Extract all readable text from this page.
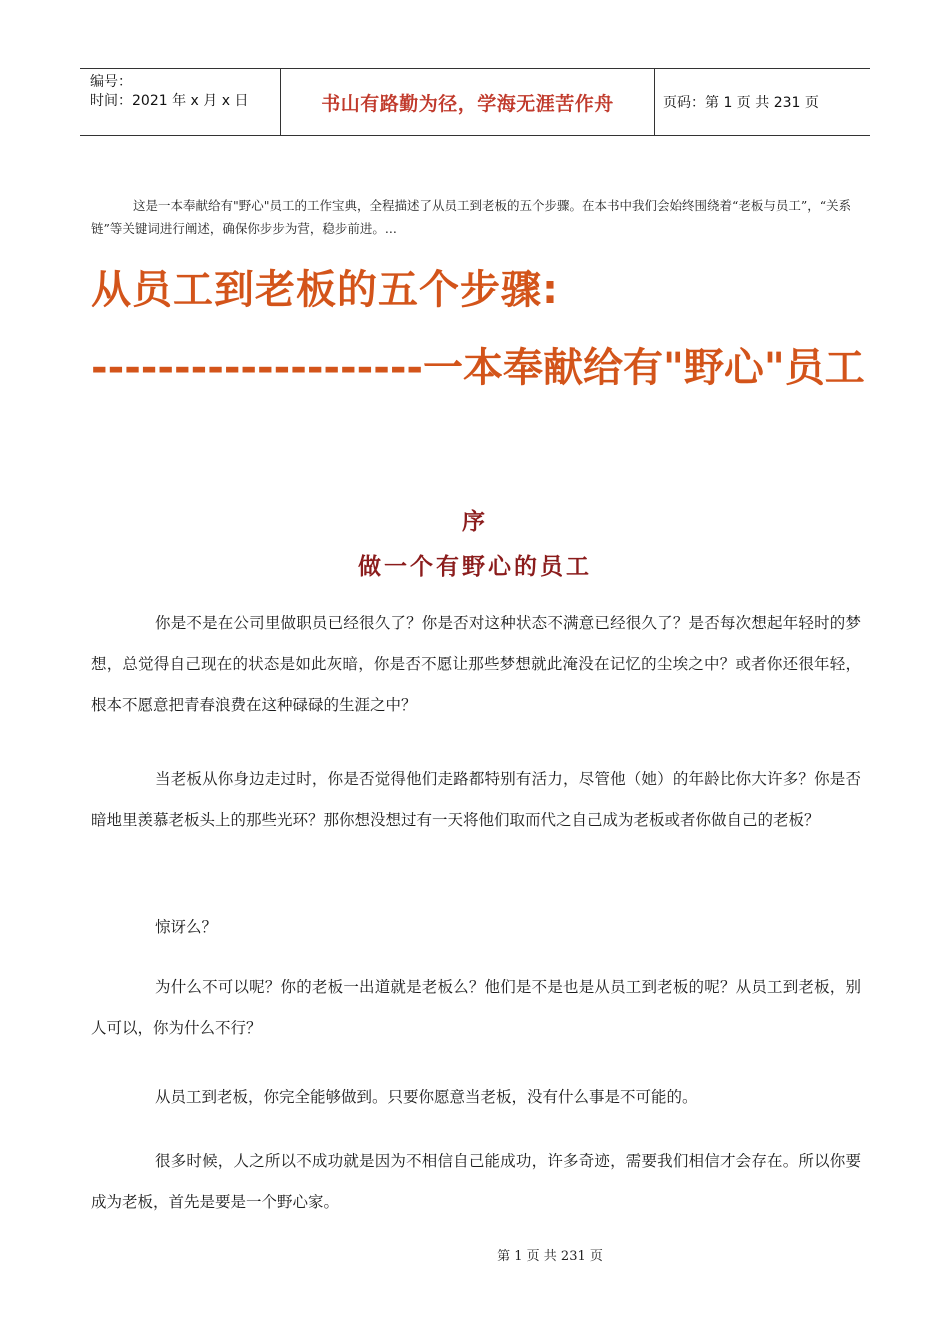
编号：
时间：2021 年 x 月 x 日	书山有路勤为径，学海无涯苦作舟	页码：第 1 页 共 231 页
这是一本奉献给有"野心"员工的工作宝典，全程描述了从员工到老板的五个步骤。在本书中我们会始终围绕着“老板与员工”，“关系链”等关键词进行阐述，确保你步步为营，稳步前进。...
从员工到老板的五个步骤:
--------------------一本奉献给有"野心"员工
序
做一个有野心的员工
你是不是在公司里做职员已经很久了？你是否对这种状态不满意已经很久了？是否每次想起年轻时的梦想，总觉得自己现在的状态是如此灰暗，你是否不愿让那些梦想就此淹没在记忆的尘埃之中？或者你还很年轻，根本不愿意把青春浪费在这种碌碌的生涯之中？
当老板从你身边走过时，你是否觉得他们走路都特别有活力，尽管他（她）的年龄比你大许多？你是否暗地里羡慕老板头上的那些光环？那你想没想过有一天将他们取而代之自己成为老板或者你做自己的老板？
惊讶么？
为什么不可以呢？你的老板一出道就是老板么？他们是不是也是从员工到老板的呢？从员工到老板，别人可以，你为什么不行？
从员工到老板，你完全能够做到。只要你愿意当老板，没有什么事是不可能的。
很多时候，人之所以不成功就是因为不相信自己能成功，许多奇迹，需要我们相信才会存在。所以你要成为老板，首先是要是一个野心家。
第 1 页 共 231 页
